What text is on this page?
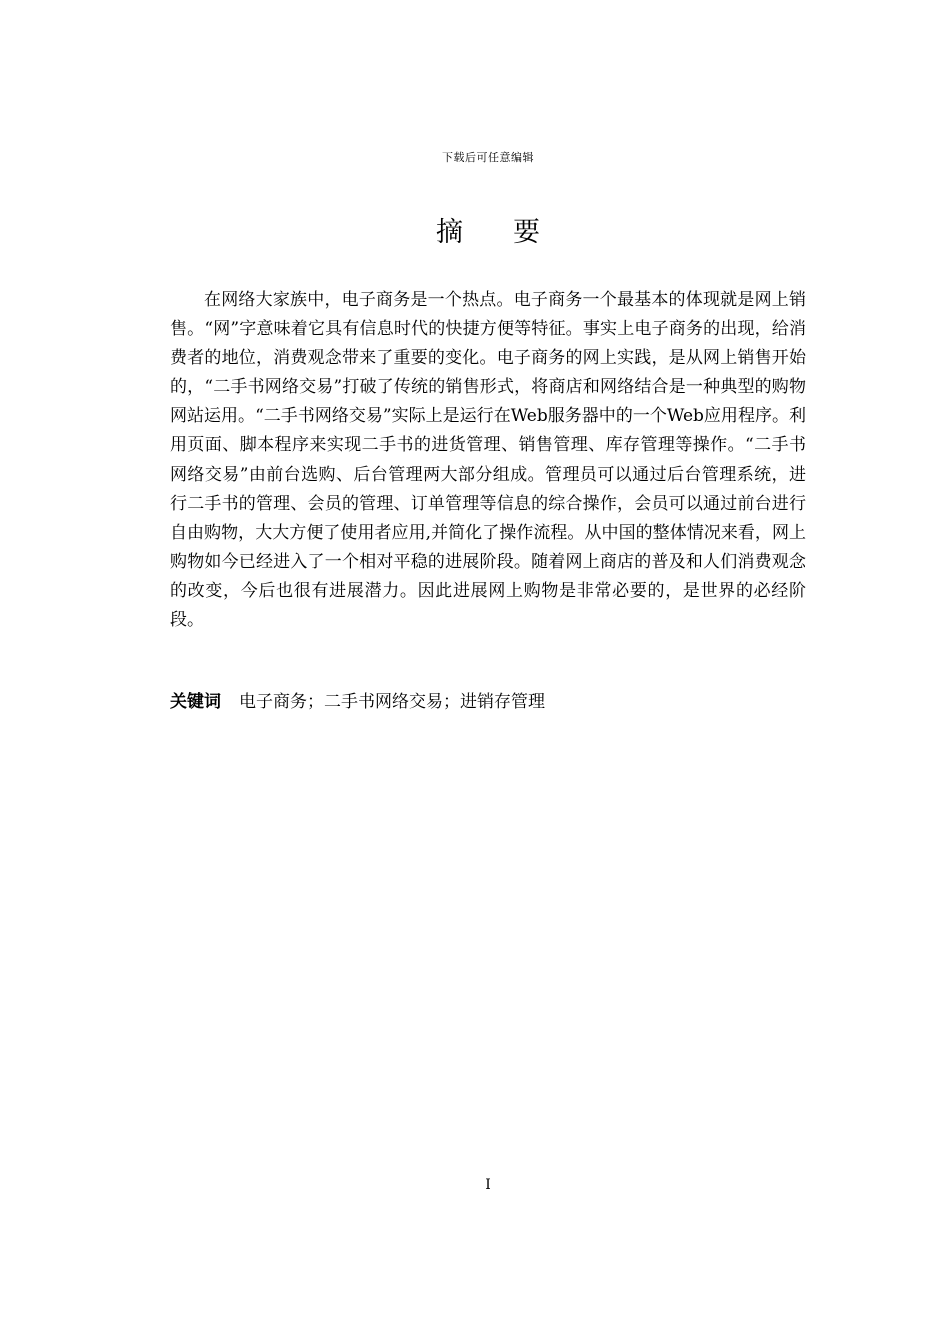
下载后可任意编辑
摘 要

在网络大家族中，电子商务是一个热点。电子商务一个最基本的体现就是网上销售。“网”字意味着它具有信息时代的快捷方便等特征。事实上电子商务的出现，给消费者的地位，消费观念带来了重要的变化。电子商务的网上实践，是从网上销售开始的，“二手书网络交易”打破了传统的销售形式，将商店和网络结合是一种典型的购物网站运用。“二手书网络交易”实际上是运行在Web服务器中的一个Web应用程序。利用页面、脚本程序来实现二手书的进货管理、销售管理、库存管理等操作。“二手书网络交易”由前台选购、后台管理两大部分组成。管理员可以通过后台管理系统，进行二手书的管理、会员的管理、订单管理等信息的综合操作，会员可以通过前台进行自由购物，大大方便了使用者应用,并简化了操作流程。从中国的整体情况来看，网上购物如今已经进入了一个相对平稳的进展阶段。随着网上商店的普及和人们消费观念的改变，今后也很有进展潜力。因此进展网上购物是非常必要的，是世界的必经阶段。

关键词 电子商务；二手书网络交易；进销存管理
I
